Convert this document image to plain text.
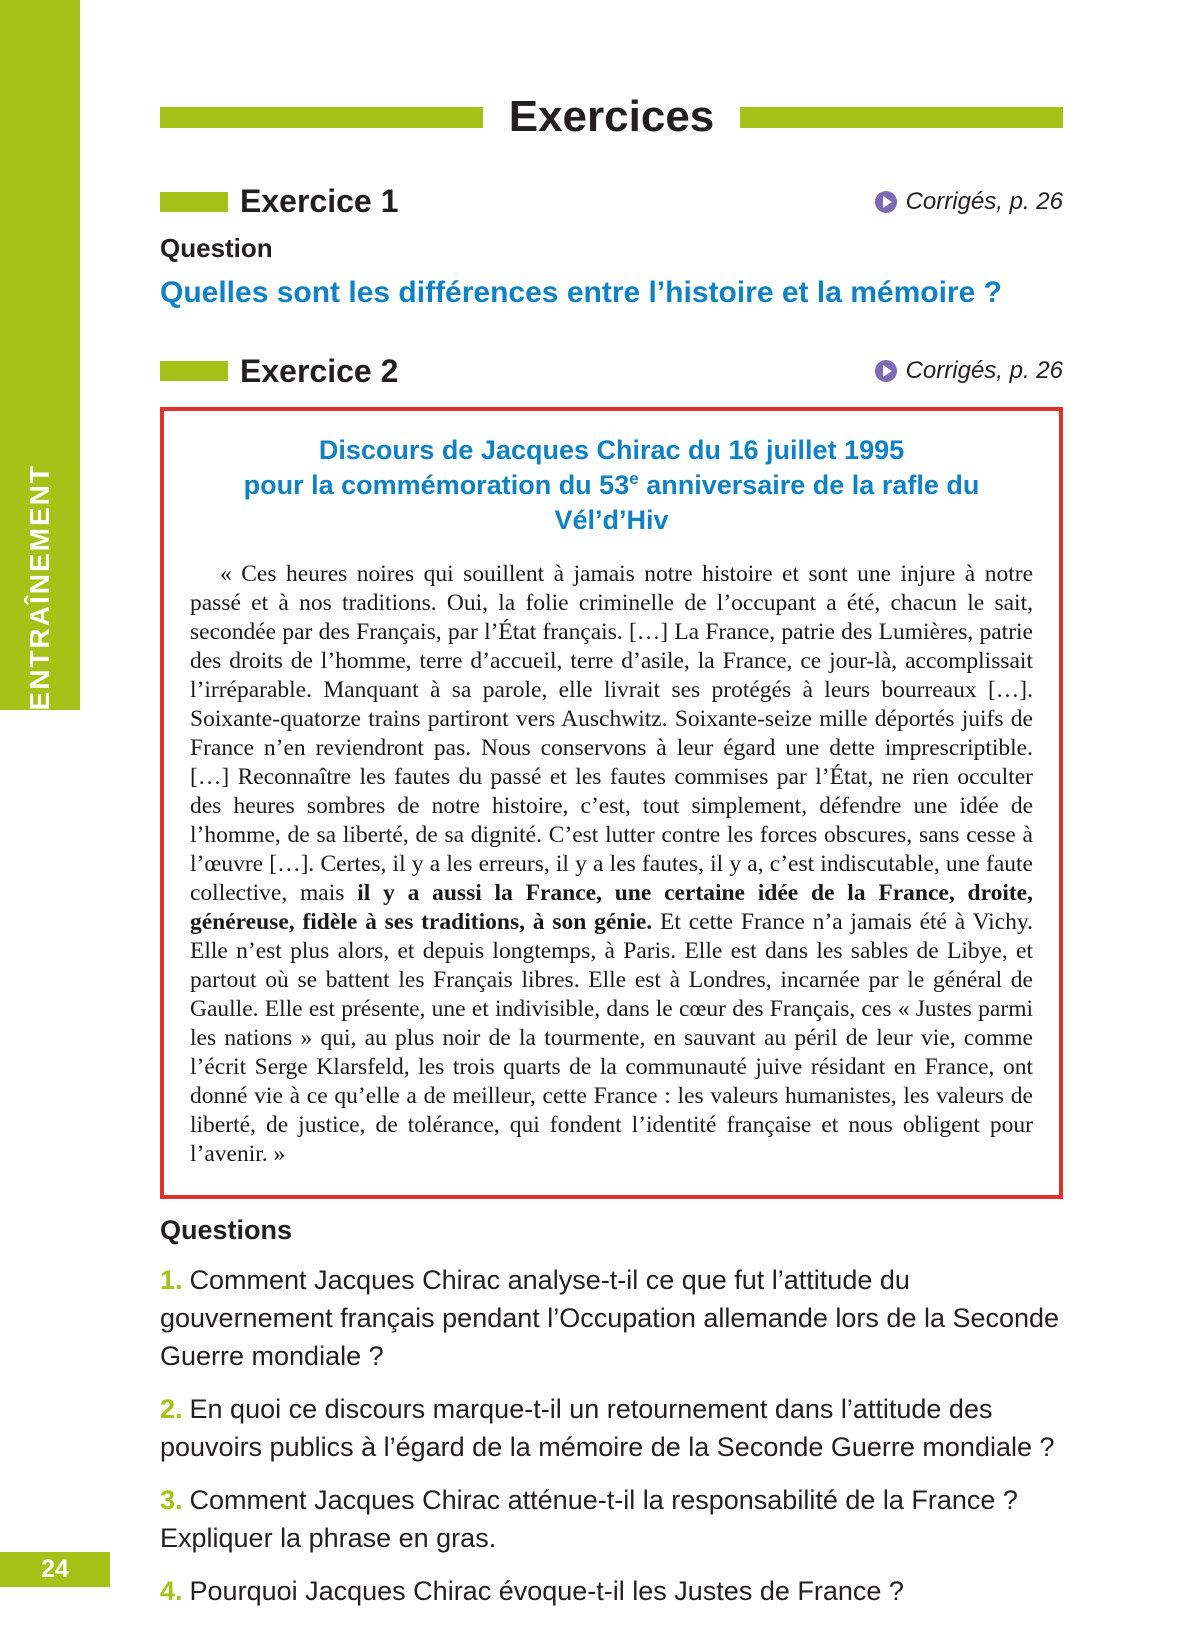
ENTRAÎNEMENT
24
Exercices
Exercice 1	Corrigés, p. 26
Question
Quelles sont les différences entre l’histoire et la mémoire ?
Exercice 2	Corrigés, p. 26
Discours de Jacques Chirac du 16 juillet 1995
pour la commémoration du 53e anniversaire de la rafle du Vél’d’Hiv

« Ces heures noires qui souillent à jamais notre histoire et sont une injure à notre passé et à nos traditions. Oui, la folie criminelle de l’occupant a été, chacun le sait, secondée par des Français, par l’État français. […] La France, patrie des Lumières, patrie des droits de l’homme, terre d’accueil, terre d’asile, la France, ce jour-là, accomplissait l’irréparable. Manquant à sa parole, elle livrait ses protégés à leurs bourreaux […]. Soixante-quatorze trains partiront vers Auschwitz. Soixante-seize mille déportés juifs de France n’en reviendront pas. Nous conservons à leur égard une dette imprescriptible. […] Reconnaître les fautes du passé et les fautes commises par l’État, ne rien occulter des heures sombres de notre histoire, c’est, tout simplement, défendre une idée de l’homme, de sa liberté, de sa dignité. C’est lutter contre les forces obscures, sans cesse à l’œuvre […]. Certes, il y a les erreurs, il y a les fautes, il y a, c’est indiscutable, une faute collective, mais il y a aussi la France, une certaine idée de la France, droite, généreuse, fidèle à ses traditions, à son génie. Et cette France n’a jamais été à Vichy. Elle n’est plus alors, et depuis longtemps, à Paris. Elle est dans les sables de Libye, et partout où se battent les Français libres. Elle est à Londres, incarnée par le général de Gaulle. Elle est présente, une et indivisible, dans le cœur des Français, ces « Justes parmi les nations » qui, au plus noir de la tourmente, en sauvant au péril de leur vie, comme l’écrit Serge Klarsfeld, les trois quarts de la communauté juive résidant en France, ont donné vie à ce qu’elle a de meilleur, cette France : les valeurs humanistes, les valeurs de liberté, de justice, de tolérance, qui fondent l’identité française et nous obligent pour l’avenir. »

Questions
1. Comment Jacques Chirac analyse-t-il ce que fut l’attitude du gouvernement français pendant l’Occupation allemande lors de la Seconde Guerre mondiale ?
2. En quoi ce discours marque-t-il un retournement dans l’attitude des pouvoirs publics à l’égard de la mémoire de la Seconde Guerre mondiale ?
3. Comment Jacques Chirac atténue-t-il la responsabilité de la France ? Expliquer la phrase en gras.
4. Pourquoi Jacques Chirac évoque-t-il les Justes de France ?
